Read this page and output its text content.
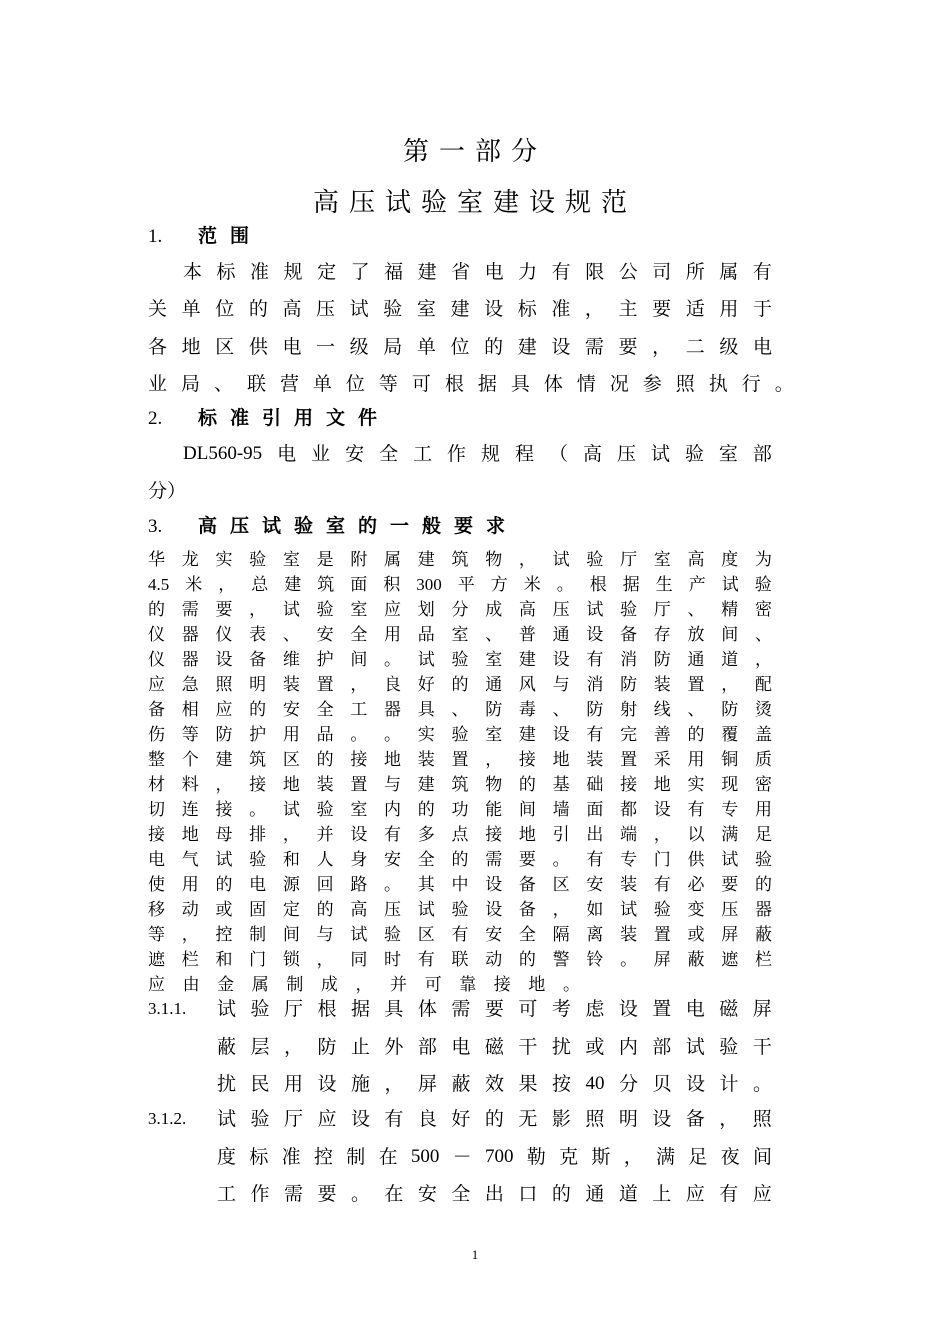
第一部分
高压试验室建设规范
1. 范围
本 标 准 规 定 了 福 建 省 电 力 有 限 公 司 所 属 有
关 单 位 的 高 压 试 验 室 建 设 标 准 ， 主 要 适 用 于
各 地 区 供 电 一 级 局 单 位 的 建 设 需 要 ， 二 级 电
业 局 、 联 营 单 位 等 可 根 据 具 体 情 况 参 照 执 行 。
2. 标准引用文件
DL560-95 电 业 安 全 工 作 规 程 （ 高 压 试 验 室 部
分）
3. 高压试验室的一般要求
华 龙 实 验 室 是 附 属 建 筑 物 ， 试 验 厅 室 高 度 为
4.5 米 ， 总 建 筑 面 积 300 平 方 米 。 根 据 生 产 试 验
的 需 要 ， 试 验 室 应 划 分 成 高 压 试 验 厅 、 精 密
仪 器 仪 表 、 安 全 用 品 室 、 普 通 设 备 存 放 间 、
仪 器 设 备 维 护 间 。 试 验 室 建 设 有 消 防 通 道 ，
应 急 照 明 装 置 ， 良 好 的 通 风 与 消 防 装 置 ， 配
备 相 应 的 安 全 工 器 具 、 防 毒 、 防 射 线 、 防 烫
伤 等 防 护 用 品 。 。 实 验 室 建 设 有 完 善 的 覆 盖
整 个 建 筑 区 的 接 地 装 置 ， 接 地 装 置 采 用 铜 质
材 料 ， 接 地 装 置 与 建 筑 物 的 基 础 接 地 实 现 密
切 连 接 。 试 验 室 内 的 功 能 间 墙 面 都 设 有 专 用
接 地 母 排 ， 并 设 有 多 点 接 地 引 出 端 ， 以 满 足
电 气 试 验 和 人 身 安 全 的 需 要 。 有 专 门 供 试 验
使 用 的 电 源 回 路 。 其 中 设 备 区 安 装 有 必 要 的
移 动 或 固 定 的 高 压 试 验 设 备 ， 如 试 验 变 压 器
等 ， 控 制 间 与 试 验 区 有 安 全 隔 离 装 置 或 屏 蔽
遮 栏 和 门 锁 ， 同 时 有 联 动 的 警 铃 。 屏 蔽 遮 栏
应 由 金 属 制 成 ， 并 可 靠 接 地 。
3.1.1. 试 验 厅 根 据 具 体 需 要 可 考 虑 设 置 电 磁 屏
蔽 层 ， 防 止 外 部 电 磁 干 扰 或 内 部 试 验 干
扰 民 用 设 施 ， 屏 蔽 效 果 按 40 分 贝 设 计 。
3.1.2. 试 验 厅 应 设 有 良 好 的 无 影 照 明 设 备 ， 照
度 标 准 控 制 在 500 － 700 勒 克 斯 ， 满 足 夜 间
工 作 需 要 。 在 安 全 出 口 的 通 道 上 应 有 应
1
